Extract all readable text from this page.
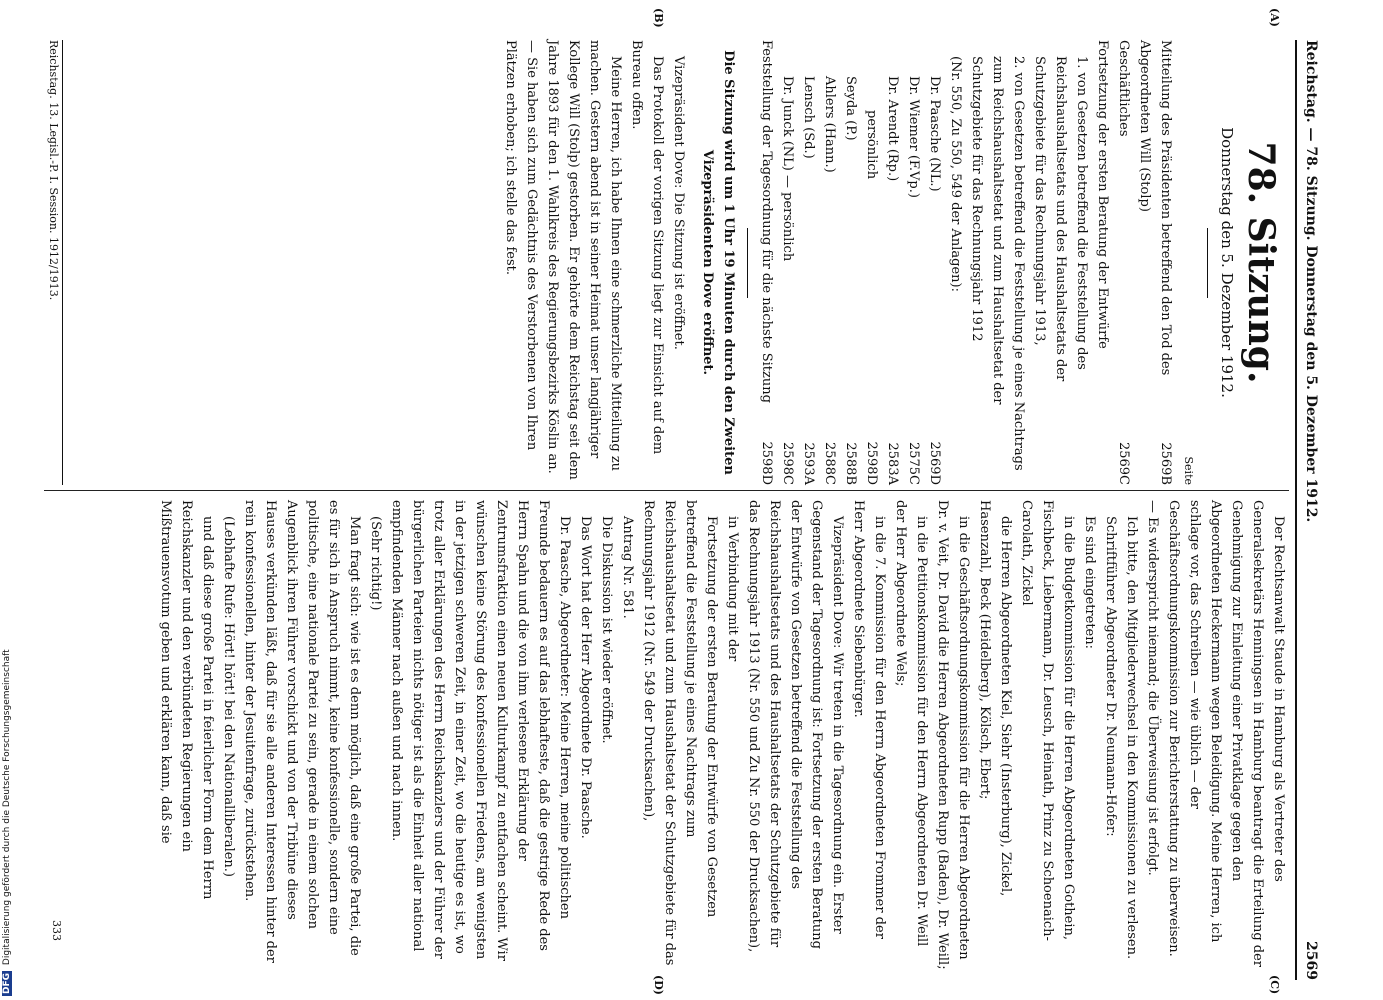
Reichstag. — 78. Sitzung. Donnerstag den 5. Dezember 1912.
2569
(A)
(B)
(C)
(D)
78. Sitzung.
Donnerstag den 5. Dezember 1912.
Seite
Mitteilung des Präsidenten betreffend den Tod des Abgeordneten Will (Stolp)
2569B
Geschäftliches
2569C
Fortsetzung der ersten Beratung der Entwürfe
1. von Gesetzen betreffend die Feststellung des Reichshaushaltsetats und des Haushaltsetats der Schutzgebiete für das Rechnungsjahr 1913,
2. von Gesetzen betreffend die Feststellung je eines Nachtrags zum Reichshaushaltsetat und zum Haushaltsetat der Schutzgebiete für das Rechnungsjahr 1912
(Nr. 550, Zu 550, 549 der Anlagen):
Dr. Paasche (NL.)
2569D
Dr. Wiemer (F.Vp.)
2575C
Dr. Arendt (Rp.)
2583A
persönlich
2598D
Seyda (P.)
2588B
Ahlers (Hann.)
2588C
Lensch (Sd.)
2593A
Dr. Junck (NL) — persönlich
2598C
Feststellung der Tagesordnung für die nächste Sitzung
2598D
Die Sitzung wird um 1 Uhr 19 Minuten durch den Zweiten Vizepräsidenten Dove eröffnet.
Vizepräsident Dove: Die Sitzung ist eröffnet.
Das Protokoll der vorigen Sitzung liegt zur Einsicht auf dem Bureau offen.
Meine Herren, ich habe Ihnen eine schmerzliche Mitteilung zu machen. Gestern abend ist in seiner Heimat unser langjähriger Kollege Will (Stolp) gestorben. Er gehörte dem Reichstag seit dem Jahre 1893 für den 1. Wahlkreis des Regierungsbezirks Köslin an. — Sie haben sich zum Gedächtnis des Verstorbenen von Ihren Plätzen erhoben; ich stelle das fest.
Der Rechtsanwalt Staude in Hamburg als Vertreter des Generalsekretärs Henningsen in Hamburg beantragt die Erteilung der Genehmigung zur Einleitung einer Privatklage gegen den Abgeordneten Heckermann wegen Beleidigung. Meine Herren, ich schlage vor, das Schreiben — wie üblich — der Geschäftsordnungskommission zur Berichterstattung zu überweisen. — Es widerspricht niemand; die Überweisung ist erfolgt.
Ich bitte, den Mitgliederwechsel in den Kommissionen zu verlesen.
Schriftführer Abgeordneter Dr. Neumann-Hofer:
Es sind eingetreten:
in die Budgetkommission für die Herren Abgeordneten Gothein, Fischbeck, Liebermann, Dr. Leusch, Heinath, Prinz zu Schoenaich-Carolath, Zickel
die Herren Abgeordneten Kiel, Siehr (Insterburg), Zickel, Hasenzahl, Beck (Heidelberg), Kölsch, Ebert;
in die Geschäftsordnungskommission für die Herren Abgeordneten Dr. v. Veit, Dr. David die Herren Abgeordneten Rupp (Baden), Dr. Weill;
in die Petitionskommission für den Herrn Abgeordneten Dr. Weill der Herr Abgeordnete Wels;
in die 7. Kommission für den Herrn Abgeordneten Frommer der Herr Abgeordnete Siebenbürger.
Vizepräsident Dove: Wir treten in die Tagesordnung ein. Erster Gegenstand der Tagesordnung ist: Fortsetzung der ersten Beratung der Entwürfe von Gesetzen betreffend die Feststellung des Reichshaushaltsetats und des Haushaltsetats der Schutzgebiete für das Rechnungsjahr 1913 (Nr. 550 und Zu Nr. 550 der Drucksachen),
in Verbindung mit der
Fortsetzung der ersten Beratung der Entwürfe von Gesetzen betreffend die Feststellung je eines Nachtrags zum Reichshaushaltsetat und zum Haushaltsetat der Schutzgebiete für das Rechnungsjahr 1912 (Nr. 549 der Drucksachen),
Antrag Nr. 581.
Die Diskussion ist wieder eröffnet.
Das Wort hat der Herr Abgeordnete Dr. Paasche.
Dr. Paasche, Abgeordneter: Meine Herren, meine politischen Freunde bedauern es auf das lebhafteste, daß die gestrige Rede des Herrn Spahn und die von ihm verlesene Erklärung der Zentrumsfraktion einen neuen Kulturkampf zu entfachen scheint. Wir wünschen keine Störung des konfessionellen Friedens, am wenigsten in der jetzigen schweren Zeit, in einer Zeit, wo die heutige es ist, wo trotz aller Erklärungen des Herrn Reichskanzlers und der Führer der bürgerlichen Parteien nichts nötiger ist als die Einheit aller national empfindenden Männer nach außen und nach innen.
(Sehr richtig!)
Man fragt sich: wie ist es denn möglich, daß eine große Partei, die es für sich in Anspruch nimmt, keine konfessionelle, sondern eine politische, eine nationale Partei zu sein, gerade in einem solchen Augenblick ihren Führer vorschickt und von der Tribüne dieses Hauses verkünden läßt, daß für sie alle anderen Interessen hinter der rein konfessionellen, hinter der Jesuitenfrage, zurückstehen.
(Lebhafte Rufe: Hört! hört! bei den Nationalliberalen.)
und daß diese große Partei in feierlicher Form dem Herrn Reichskanzler und den verbündeten Regierungen ein Mißtrauensvotum geben und erklären kann, daß sie
Reichstag. 13. Legisl.-P. I. Session. 1912/1913.
333
DFG Digitalisierung gefördert durch die Deutsche Forschungsgemeinschaft
